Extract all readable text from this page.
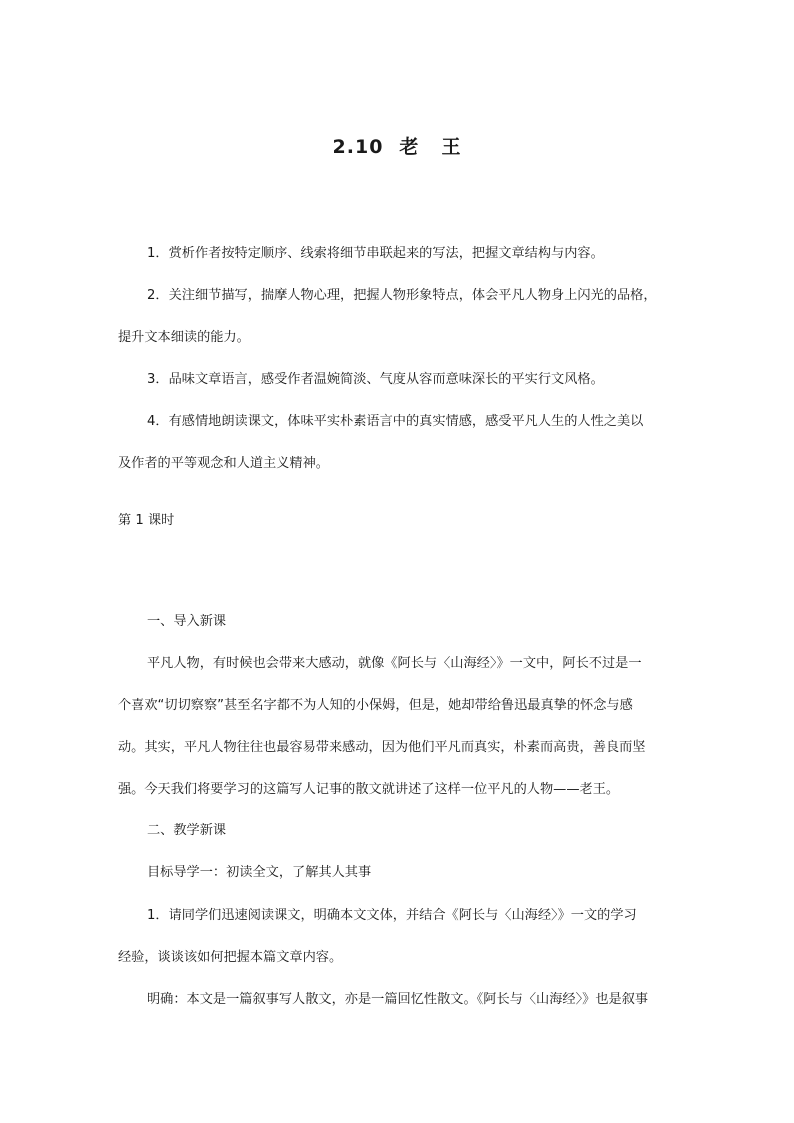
2.10 老 王
1．赏析作者按特定顺序、线索将细节串联起来的写法，把握文章结构与内容。
2．关注细节描写，揣摩人物心理，把握人物形象特点，体会平凡人物身上闪光的品格，
提升文本细读的能力。
3．品味文章语言，感受作者温婉简淡、气度从容而意味深长的平实行文风格。
4．有感情地朗读课文，体味平实朴素语言中的真实情感，感受平凡人生的人性之美以
及作者的平等观念和人道主义精神。
第 1 课时
一、导入新课
平凡人物，有时候也会带来大感动，就像《阿长与〈山海经〉》一文中，阿长不过是一
个喜欢“切切察察”甚至名字都不为人知的小保姆，但是，她却带给鲁迅最真挚的怀念与感
动。其实，平凡人物往往也最容易带来感动，因为他们平凡而真实，朴素而高贵，善良而坚
强。今天我们将要学习的这篇写人记事的散文就讲述了这样一位平凡的人物——老王。
二、教学新课
目标导学一：初读全文，了解其人其事
1．请同学们迅速阅读课文，明确本文文体，并结合《阿长与〈山海经〉》一文的学习
经验，谈谈该如何把握本篇文章内容。
明确：本文是一篇叙事写人散文，亦是一篇回忆性散文。《阿长与〈山海经〉》也是叙事
